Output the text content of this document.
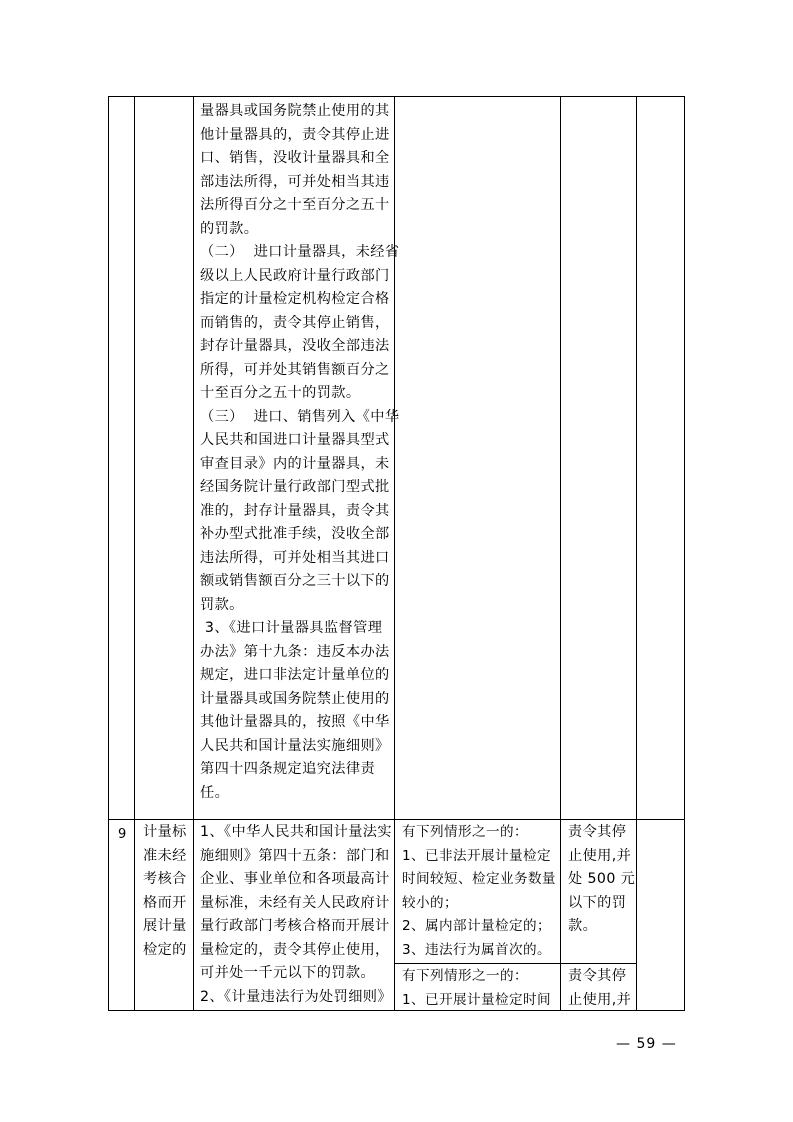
量器具或国务院禁止使用的其
他计量器具的，责令其停止进
口、销售，没收计量器具和全
部违法所得，可并处相当其违
法所得百分之十至百分之五十
的罚款。
（二）  进口计量器具，未经省
级以上人民政府计量行政部门
指定的计量检定机构检定合格
而销售的，责令其停止销售，
封存计量器具，没收全部违法
所得，可并处其销售额百分之
十至百分之五十的罚款。
（三）  进口、销售列入《中华
人民共和国进口计量器具型式
审查目录》内的计量器具，未
经国务院计量行政部门型式批
准的，封存计量器具，责令其
补办型式批准手续，没收全部
违法所得，可并处相当其进口
额或销售额百分之三十以下的
罚款。
3、《进口计量器具监督管理
办法》第十九条：违反本办法
规定，进口非法定计量单位的
计量器具或国务院禁止使用的
其他计量器具的，按照《中华
人民共和国计量法实施细则》
第四十四条规定追究法律责
任。
9 计量标
准未经
考核合
格而开
展计量
检定的
1、《中华人民共和国计量法实
施细则》第四十五条：部门和
企业、事业单位和各项最高计
量标准，未经有关人民政府计
量行政部门考核合格而开展计
量检定的，责令其停止使用，
可并处一千元以下的罚款。
2、《计量违法行为处罚细则》
有下列情形之一的：
1、已非法开展计量检定
时间较短、检定业务数量
较小的；
2、属内部计量检定的；
3、违法行为属首次的。
责令其停
止使用,并
处 500 元
以下的罚
款。
有下列情形之一的：
1、已开展计量检定时间
责令其停
止使用,并
— 59 —
